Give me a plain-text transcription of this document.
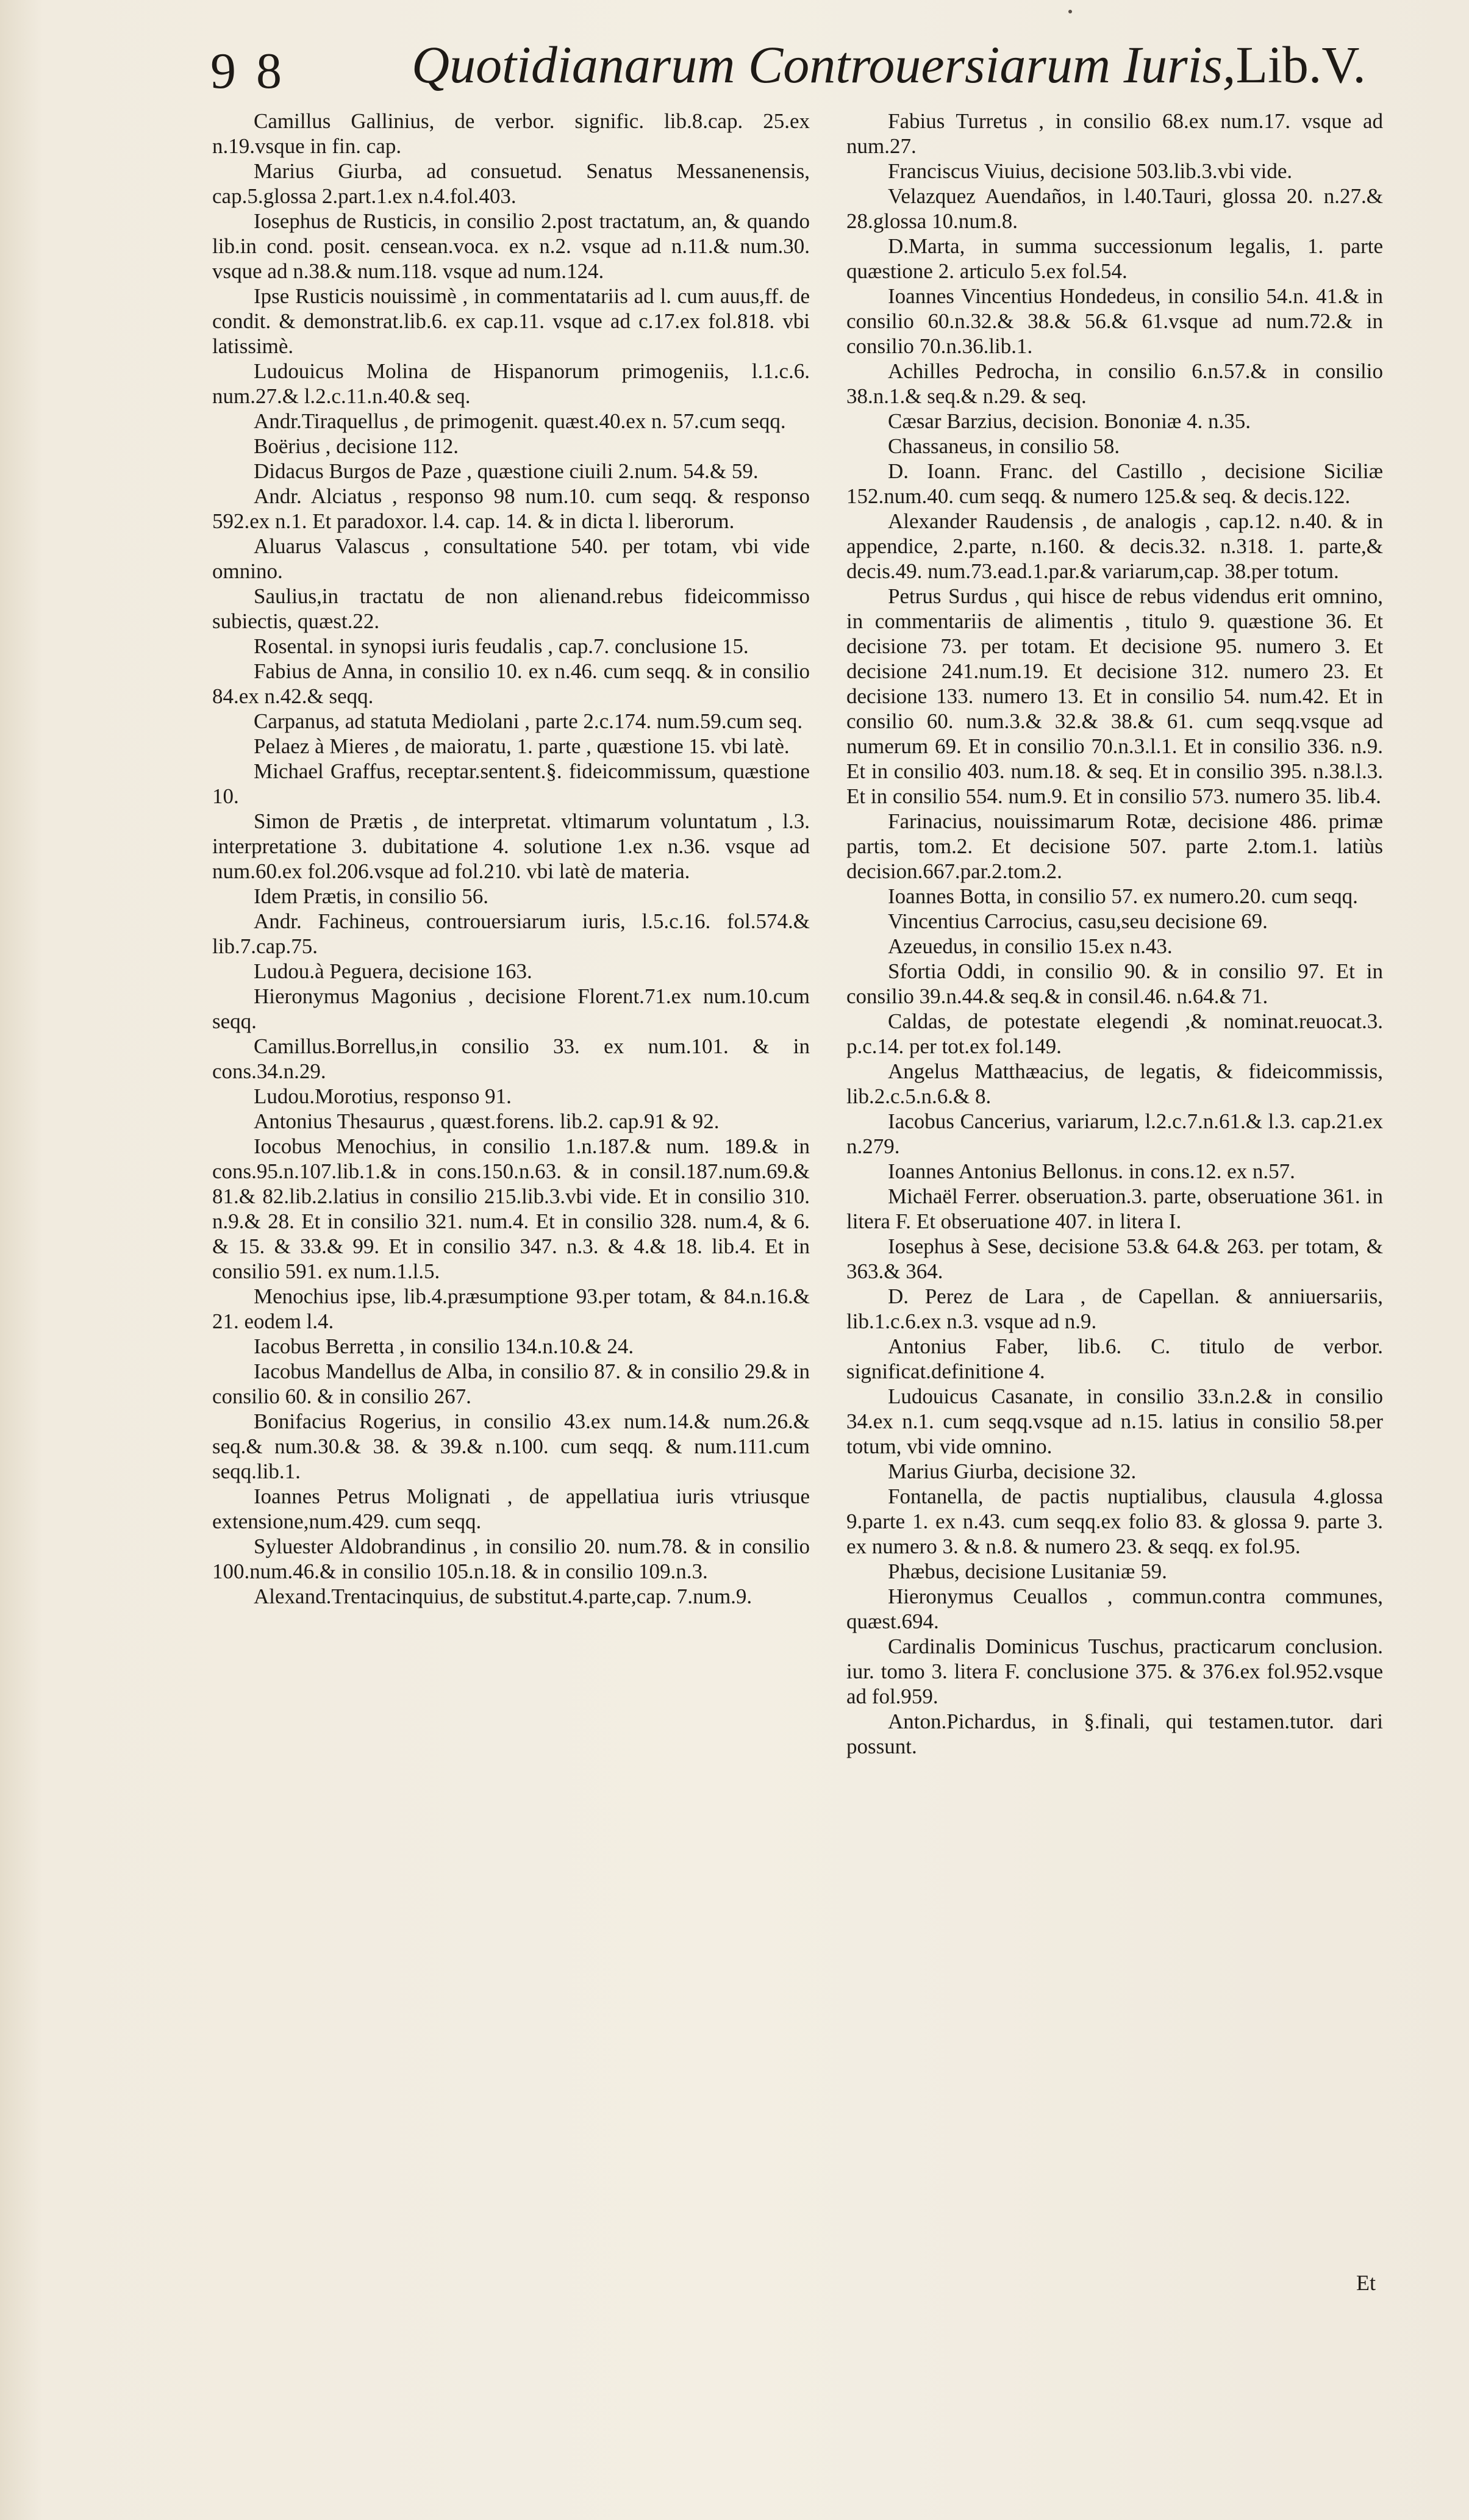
9 8 Quotidianarum Controuersiarum Iuris,Lib.V.

Camillus Gallinius, de verbor. signific. lib.8.cap. 25.ex n.19.vsque in fin. cap.

Marius Giurba, ad consuetud. Senatus Messanenensis, cap.5.glossa 2.part.1.ex n.4.fol.403.

Iosephus de Rusticis, in consilio 2.post tractatum, an, & quando lib.in cond. posit. censean.voca. ex n.2. vsque ad n.11.& num.30. vsque ad n.38.& num.118. vsque ad num.124.

Ipse Rusticis nouissimè , in commentatariis ad l. cum auus,ff. de condit. & demonstrat.lib.6. ex cap.11. vsque ad c.17.ex fol.818. vbi latissimè.

Ludouicus Molina de Hispanorum primogeniis, l.1.c.6. num.27.& l.2.c.11.n.40.& seq.

Andr.Tiraquellus , de primogenit. quæst.40.ex n. 57.cum seqq.

Boërius , decisione 112.

Didacus Burgos de Paze , quæstione ciuili 2.num. 54.& 59.

Andr. Alciatus , responso 98 num.10. cum seqq. & responso 592.ex n.1. Et paradoxor. l.4. cap. 14. & in dicta l. liberorum.

Aluarus Valascus , consultatione 540. per totam, vbi vide omnino.

Saulius,in tractatu de non alienand.rebus fideicommisso subiectis, quæst.22.

Rosental. in synopsi iuris feudalis , cap.7. conclusione 15.

Fabius de Anna, in consilio 10. ex n.46. cum seqq. & in consilio 84.ex n.42.& seqq.

Carpanus, ad statuta Mediolani , parte 2.c.174. num.59.cum seq.

Pelaez à Mieres , de maioratu, 1. parte , quæstione 15. vbi latè.

Michael Graffus, receptar.sentent.§. fideicommissum, quæstione 10.

Simon de Prætis , de interpretat. vltimarum voluntatum , l.3. interpretatione 3. dubitatione 4. solutione 1.ex n.36. vsque ad num.60.ex fol.206.vsque ad fol.210. vbi latè de materia.

Idem Prætis, in consilio 56.

Andr. Fachineus, controuersiarum iuris, l.5.c.16. fol.574.& lib.7.cap.75.

Ludou.à Peguera, decisione 163.

Hieronymus Magonius , decisione Florent.71.ex num.10.cum seqq.

Camillus.Borrellus,in consilio 33. ex num.101. & in cons.34.n.29.

Ludou.Morotius, responso 91.

Antonius Thesaurus , quæst.forens. lib.2. cap.91 & 92.

Iocobus Menochius, in consilio 1.n.187.& num. 189.& in cons.95.n.107.lib.1.& in cons.150.n.63. & in consil.187.num.69.& 81.& 82.lib.2.latius in consilio 215.lib.3.vbi vide. Et in consilio 310. n.9.& 28. Et in consilio 321. num.4. Et in consilio 328. num.4, & 6. & 15. & 33.& 99. Et in consilio 347. n.3. & 4.& 18. lib.4. Et in consilio 591. ex num.1.l.5.

Menochius ipse, lib.4.præsumptione 93.per totam, & 84.n.16.& 21. eodem l.4.

Iacobus Berretta , in consilio 134.n.10.& 24.

Iacobus Mandellus de Alba, in consilio 87. & in consilio 29.& in consilio 60. & in consilio 267.

Bonifacius Rogerius, in consilio 43.ex num.14.& num.26.& seq.& num.30.& 38. & 39.& n.100. cum seqq. & num.111.cum seqq.lib.1.

Ioannes Petrus Molignati , de appellatiua iuris vtriusque extensione,num.429. cum seqq.

Syluester Aldobrandinus , in consilio 20. num.78. & in consilio 100.num.46.& in consilio 105.n.18. & in consilio 109.n.3.

Alexand.Trentacinquius, de substitut.4.parte,cap. 7.num.9.

Fabius Turretus , in consilio 68.ex num.17. vsque ad num.27.

Franciscus Viuius, decisione 503.lib.3.vbi vide.

Velazquez Auendaños, in l.40.Tauri, glossa 20. n.27.& 28.glossa 10.num.8.

D.Marta, in summa successionum legalis, 1. parte quæstione 2. articulo 5.ex fol.54.

Ioannes Vincentius Hondedeus, in consilio 54.n. 41.& in consilio 60.n.32.& 38.& 56.& 61.vsque ad num.72.& in consilio 70.n.36.lib.1.

Achilles Pedrocha, in consilio 6.n.57.& in consilio 38.n.1.& seq.& n.29. & seq.

Cæsar Barzius, decision. Bononiæ 4. n.35.

Chassaneus, in consilio 58.

D. Ioann. Franc. del Castillo , decisione Siciliæ 152.num.40. cum seqq. & numero 125.& seq. & decis.122.

Alexander Raudensis , de analogis , cap.12. n.40. & in appendice, 2.parte, n.160. & decis.32. n.318. 1. parte,& decis.49. num.73.ead.1.par.& variarum,cap. 38.per totum.

Petrus Surdus , qui hisce de rebus videndus erit omnino, in commentariis de alimentis , titulo 9. quæstione 36. Et decisione 73. per totam. Et decisione 95. numero 3. Et decisione 241.num.19. Et decisione 312. numero 23. Et decisione 133. numero 13. Et in consilio 54. num.42. Et in consilio 60. num.3.& 32.& 38.& 61. cum seqq.vsque ad numerum 69. Et in consilio 70.n.3.l.1. Et in consilio 336. n.9. Et in consilio 403. num.18. & seq. Et in consilio 395. n.38.l.3. Et in consilio 554. num.9. Et in consilio 573. numero 35. lib.4.

Farinacius, nouissimarum Rotæ, decisione 486. primæ partis, tom.2. Et decisione 507. parte 2.tom.1. latiùs decision.667.par.2.tom.2.

Ioannes Botta, in consilio 57. ex numero.20. cum seqq.

Vincentius Carrocius, casu,seu decisione 69.

Azeuedus, in consilio 15.ex n.43.

Sfortia Oddi, in consilio 90. & in consilio 97. Et in consilio 39.n.44.& seq.& in consil.46. n.64.& 71.

Caldas, de potestate elegendi ,& nominat.reuocat.3. p.c.14. per tot.ex fol.149.

Angelus Matthæacius, de legatis, & fideicommissis, lib.2.c.5.n.6.& 8.

Iacobus Cancerius, variarum, l.2.c.7.n.61.& l.3. cap.21.ex n.279.

Ioannes Antonius Bellonus. in cons.12. ex n.57.

Michaël Ferrer. obseruation.3. parte, obseruatione 361. in litera F. Et obseruatione 407. in litera I.

Iosephus à Sese, decisione 53.& 64.& 263. per totam, & 363.& 364.

D. Perez de Lara , de Capellan. & anniuersariis, lib.1.c.6.ex n.3. vsque ad n.9.

Antonius Faber, lib.6. C. titulo de verbor. significat.definitione 4.

Ludouicus Casanate, in consilio 33.n.2.& in consilio 34.ex n.1. cum seqq.vsque ad n.15. latius in consilio 58.per totum, vbi vide omnino.

Marius Giurba, decisione 32.

Fontanella, de pactis nuptialibus, clausula 4.glossa 9.parte 1. ex n.43. cum seqq.ex folio 83. & glossa 9. parte 3. ex numero 3. & n.8. & numero 23. & seqq. ex fol.95.

Phæbus, decisione Lusitaniæ 59.

Hieronymus Ceuallos , commun.contra communes, quæst.694.

Cardinalis Dominicus Tuschus, practicarum conclusion. iur. tomo 3. litera F. conclusione 375. & 376.ex fol.952.vsque ad fol.959.

Anton.Pichardus, in §.finali, qui testamen.tutor. dari possunt.

Et
